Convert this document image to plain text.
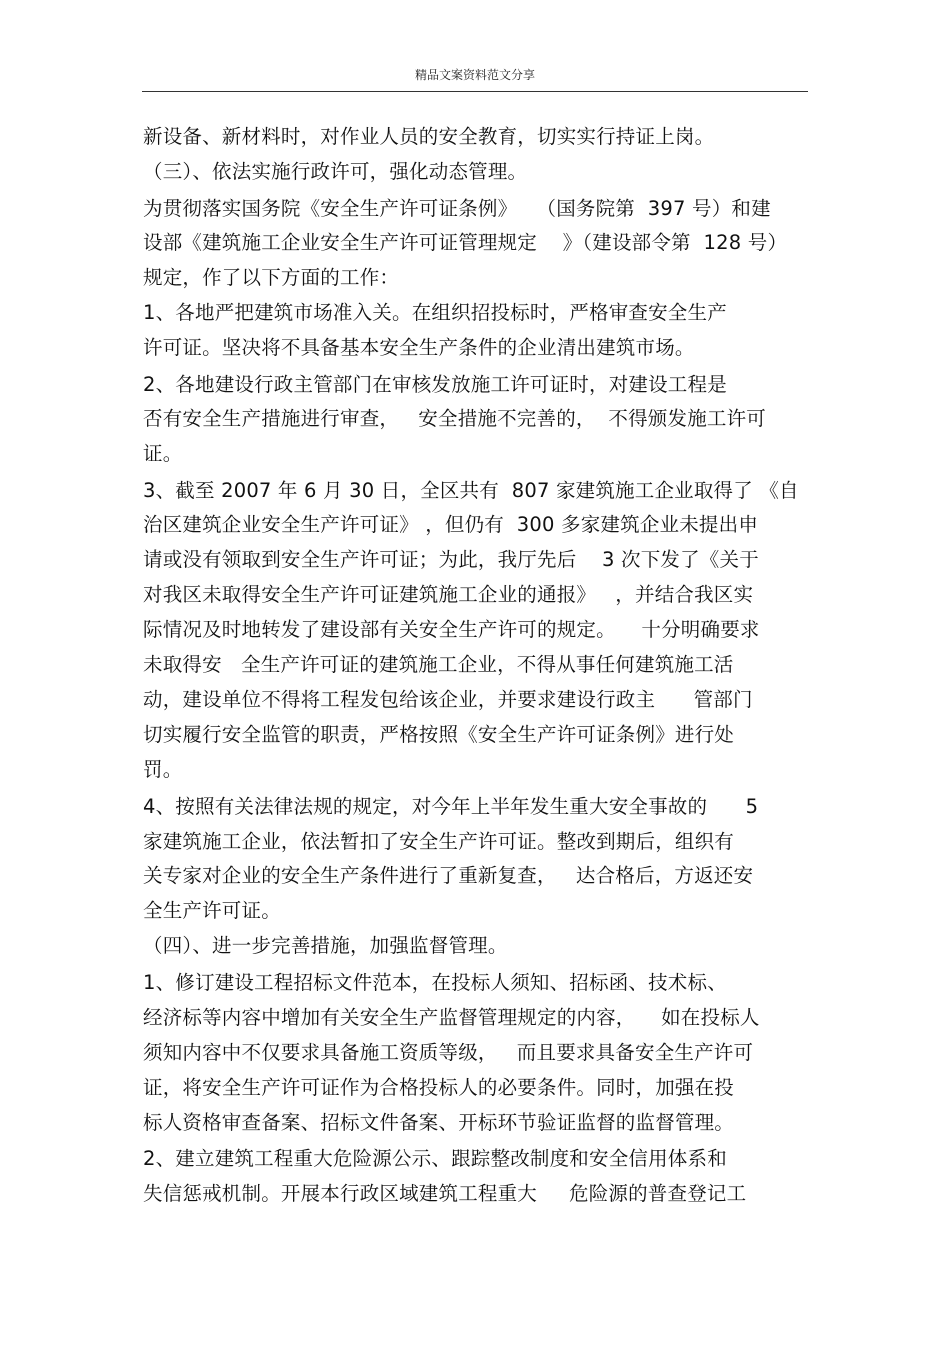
精品文案资料范文分享
新设备、新材料时，对作业人员的安全教育，切实实行持证上岗。
（三）、依法实施行政许可，强化动态管理。
为贯彻落实国务院《安全生产许可证条例》   （国务院第  397 号）和建
设部《建筑施工企业安全生产许可证管理规定    》（建设部令第  128 号）
规定，作了以下方面的工作：
1、各地严把建筑市场准入关。在组织招投标时，严格审查安全生产
许可证。坚决将不具备基本安全生产条件的企业清出建筑市场。
2、各地建设行政主管部门在审核发放施工许可证时，对建设工程是
否有安全生产措施进行审查，   安全措施不完善的，  不得颁发施工许可
证。
3、截至 2007 年 6 月 30 日，全区共有  807 家建筑施工企业取得了 《自
治区建筑企业安全生产许可证》 ，但仍有  300 多家建筑企业未提出申
请或没有领取到安全生产许可证；为此，我厅先后    3 次下发了《关于
对我区未取得安全生产许可证建筑施工企业的通报》   ，并结合我区实
际情况及时地转发了建设部有关安全生产许可的规定。    十分明确要求
未取得安   全生产许可证的建筑施工企业，不得从事任何建筑施工活
动，建设单位不得将工程发包给该企业，并要求建设行政主      管部门
切实履行安全监管的职责，严格按照《安全生产许可证条例》进行处
罚。
4、按照有关法律法规的规定，对今年上半年发生重大安全事故的      5
家建筑施工企业，依法暂扣了安全生产许可证。整改到期后，组织有
关专家对企业的安全生产条件进行了重新复查，   达合格后，方返还安
全生产许可证。
（四）、进一步完善措施，加强监督管理。
1、修订建设工程招标文件范本，在投标人须知、招标函、技术标、
经济标等内容中增加有关安全生产监督管理规定的内容，    如在投标人
须知内容中不仅要求具备施工资质等级，   而且要求具备安全生产许可
证，将安全生产许可证作为合格投标人的必要条件。同时，加强在投
标人资格审查备案、招标文件备案、开标环节验证监督的监督管理。
2、建立建筑工程重大危险源公示、跟踪整改制度和安全信用体系和
失信惩戒机制。开展本行政区域建筑工程重大     危险源的普查登记工
